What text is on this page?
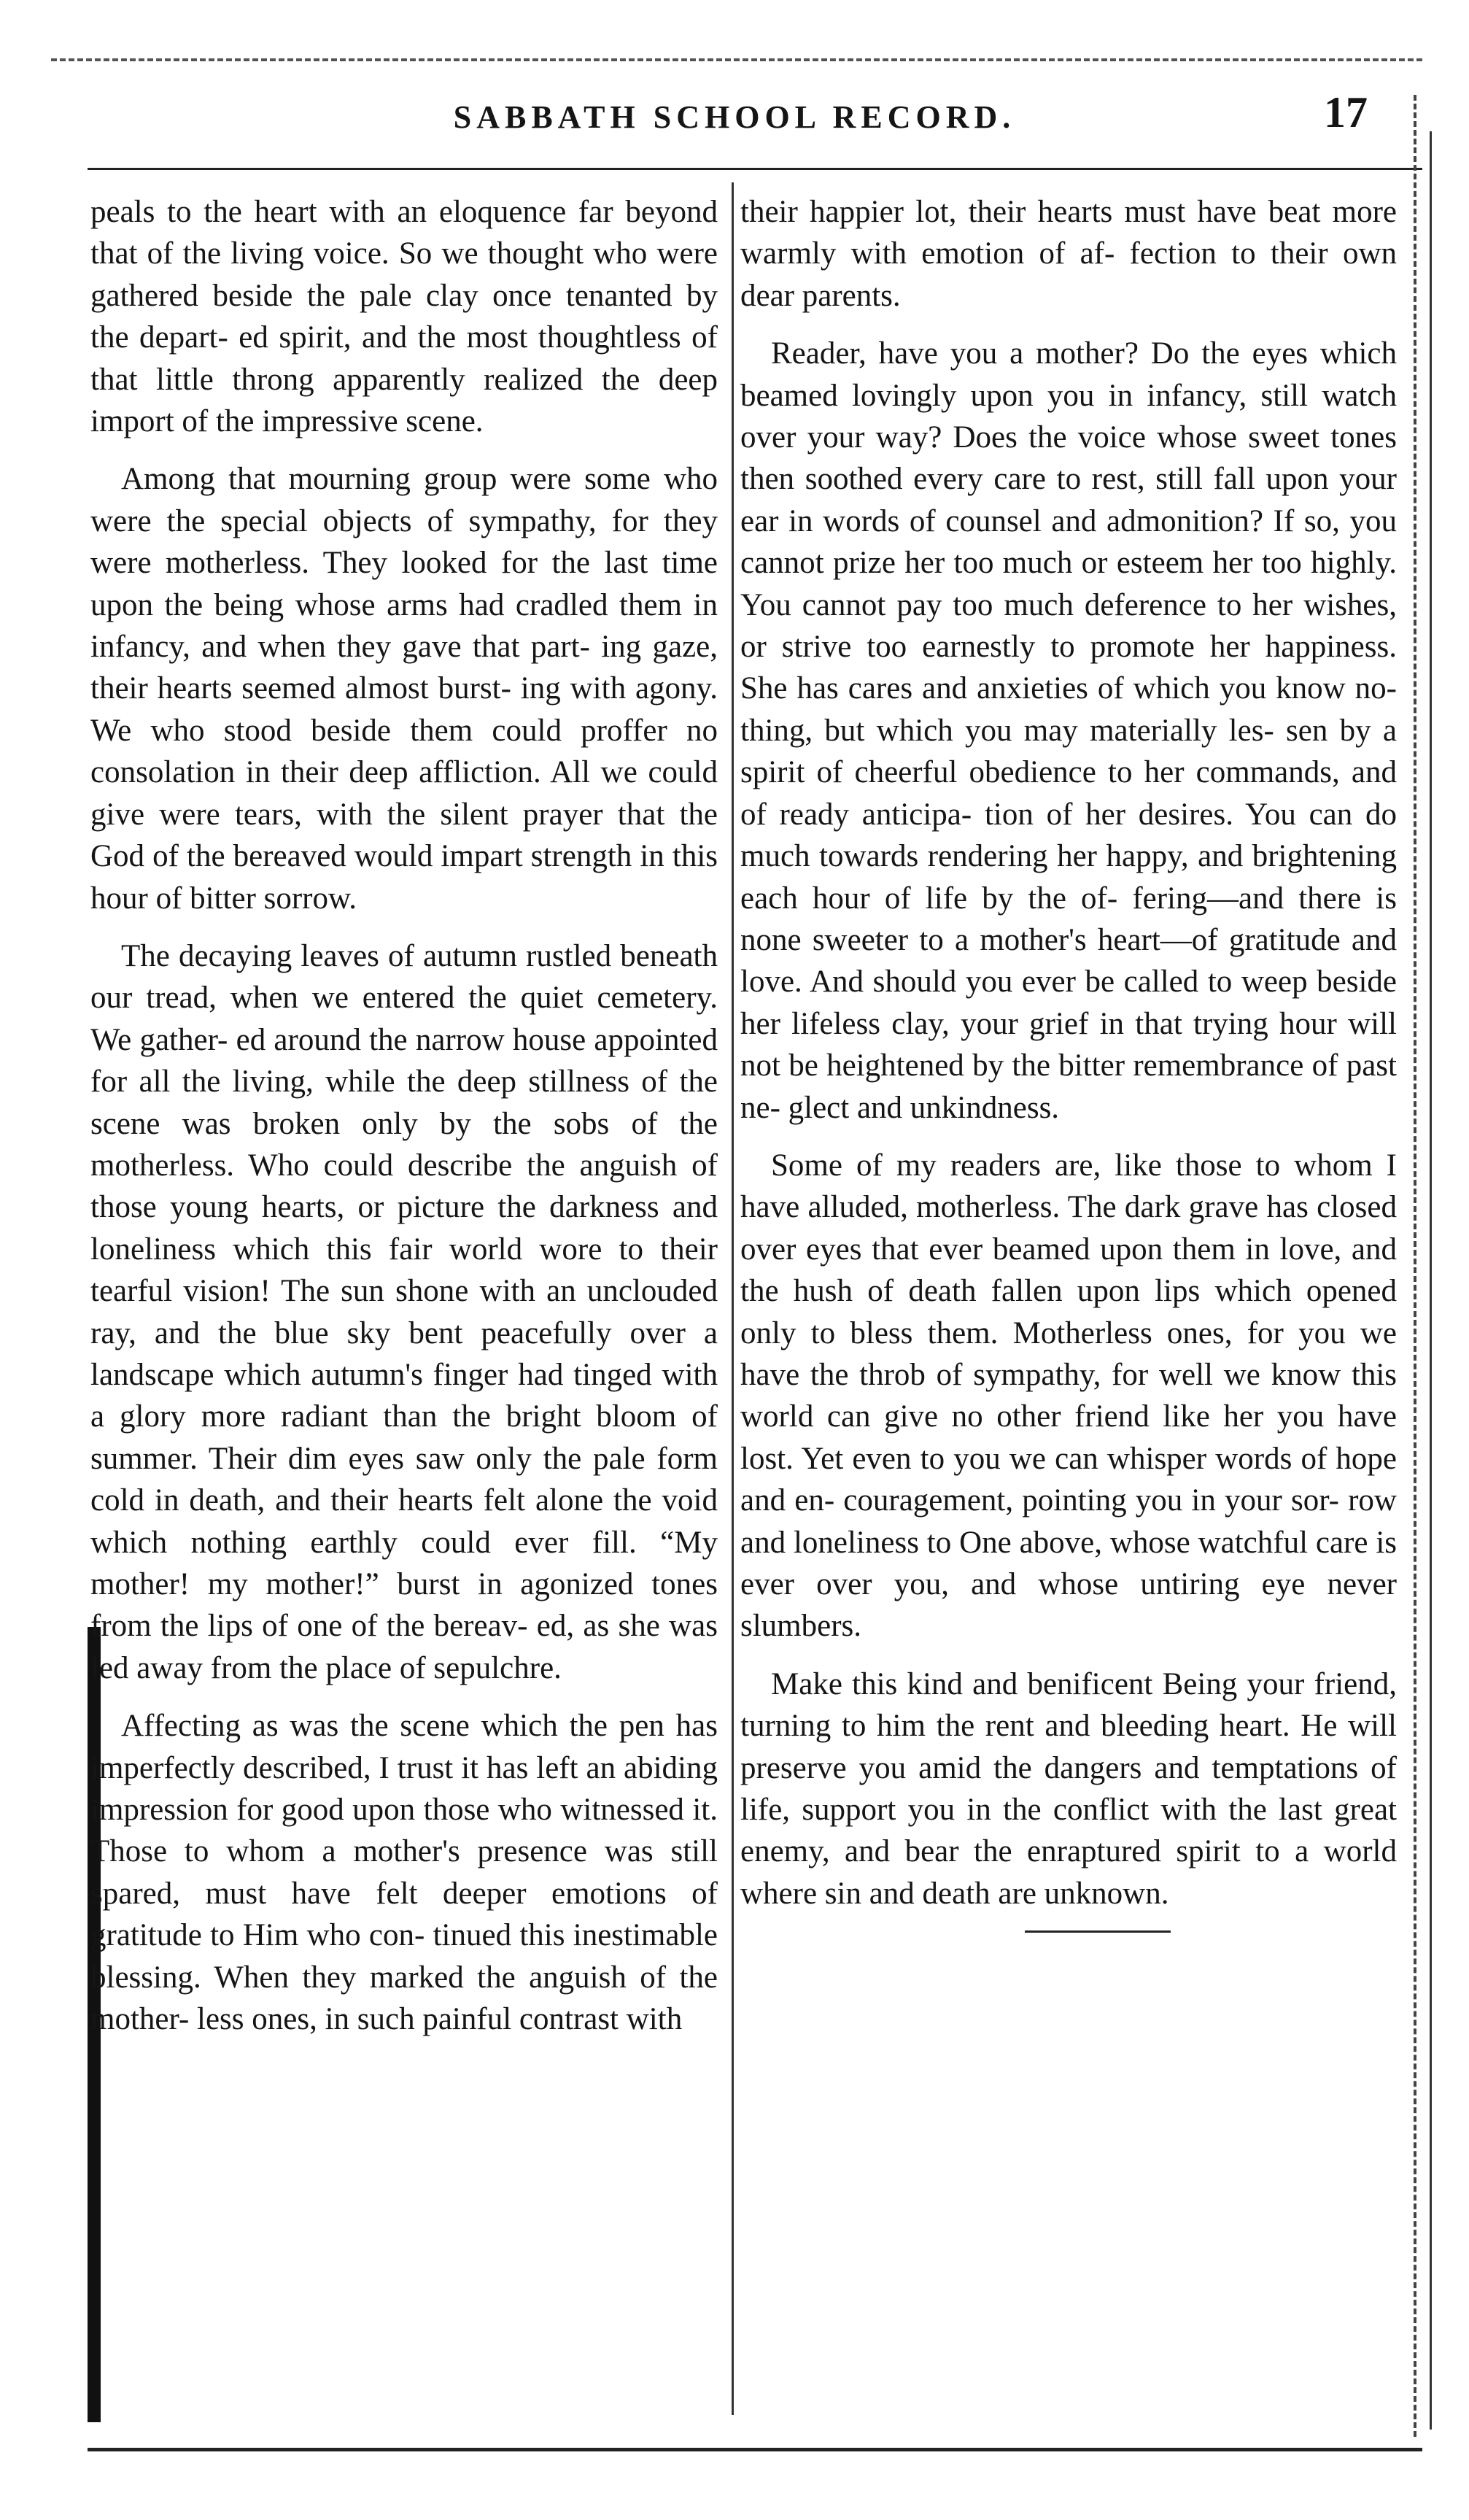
SABBATH SCHOOL RECORD.	17

peals to the heart with an eloquence far beyond that of the living voice. So we thought who were gathered beside the pale clay once tenanted by the depart- ed spirit, and the most thoughtless of that little throng apparently realized the deep import of the impressive scene.

Among that mourning group were some who were the special objects of sympathy, for they were motherless. They looked for the last time upon the being whose arms had cradled them in infancy, and when they gave that part- ing gaze, their hearts seemed almost burst- ing with agony. We who stood beside them could proffer no consolation in their deep affliction. All we could give were tears, with the silent prayer that the God of the bereaved would impart strength in this hour of bitter sorrow.

The decaying leaves of autumn rustled beneath our tread, when we entered the quiet cemetery. We gather- ed around the narrow house appointed for all the living, while the deep stillness of the scene was broken only by the sobs of the motherless. Who could describe the anguish of those young hearts, or picture the darkness and loneliness which this fair world wore to their tearful vision! The sun shone with an unclouded ray, and the blue sky bent peacefully over a landscape which autumn's finger had tinged with a glory more radiant than the bright bloom of summer. Their dim eyes saw only the pale form cold in death, and their hearts felt alone the void which nothing earthly could ever fill. “My mother! my mother!” burst in agonized tones from the lips of one of the bereav- ed, as she was led away from the place of sepulchre.

Affecting as was the scene which the pen has imperfectly described, I trust it has left an abiding impression for good upon those who witnessed it. Those to whom a mother's presence was still spared, must have felt deeper emotions of gratitude to Him who con- tinued this inestimable blessing. When they marked the anguish of the mother- less ones, in such painful contrast with

their happier lot, their hearts must have beat more warmly with emotion of af- fection to their own dear parents.

Reader, have you a mother? Do the eyes which beamed lovingly upon you in infancy, still watch over your way? Does the voice whose sweet tones then soothed every care to rest, still fall upon your ear in words of counsel and admonition? If so, you cannot prize her too much or esteem her too highly. You cannot pay too much deference to her wishes, or strive too earnestly to promote her happiness. She has cares and anxieties of which you know no- thing, but which you may materially les- sen by a spirit of cheerful obedience to her commands, and of ready anticipa- tion of her desires. You can do much towards rendering her happy, and brightening each hour of life by the of- fering—and there is none sweeter to a mother's heart—of gratitude and love. And should you ever be called to weep beside her lifeless clay, your grief in that trying hour will not be heightened by the bitter remembrance of past ne- glect and unkindness.

Some of my readers are, like those to whom I have alluded, motherless. The dark grave has closed over eyes that ever beamed upon them in love, and the hush of death fallen upon lips which opened only to bless them. Motherless ones, for you we have the throb of sympathy, for well we know this world can give no other friend like her you have lost. Yet even to you we can whisper words of hope and en- couragement, pointing you in your sor- row and loneliness to One above, whose watchful care is ever over you, and whose untiring eye never slumbers.

Make this kind and benificent Being your friend, turning to him the rent and bleeding heart. He will preserve you amid the dangers and temptations of life, support you in the conflict with the last great enemy, and bear the enraptured spirit to a world where sin and death are unknown.
